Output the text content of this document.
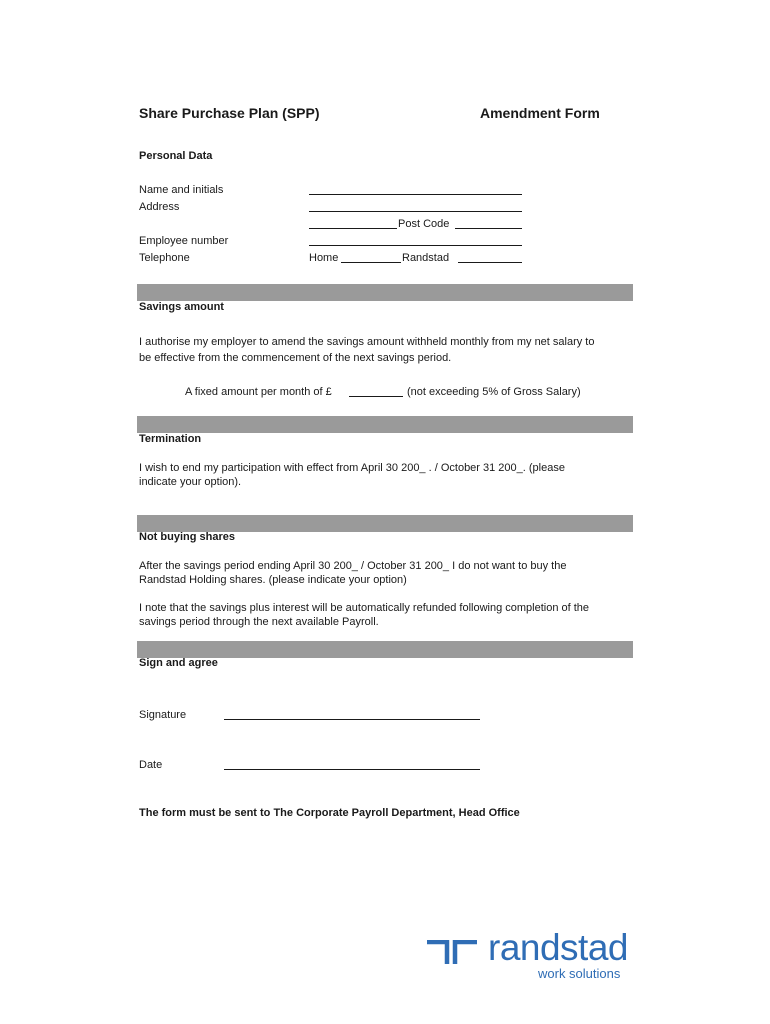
Share Purchase Plan (SPP)	Amendment Form
Personal Data
Name and initials
Address
Post Code
Employee number
Telephone	Home	Randstad
Savings amount
I authorise my employer to amend the savings amount withheld monthly from my net salary to
be effective from the commencement of the next savings period.
A fixed amount per month of £	(not exceeding 5% of Gross Salary)
Termination
I wish to end my participation with effect from April 30 200_ . / October 31 200_. (please
indicate your option).
Not buying shares
After the savings period ending April 30 200_ / October 31 200_ I do not want to buy the
Randstad Holding shares. (please indicate your option)
I note that the savings plus interest will be automatically refunded following completion of the
savings period through the next available Payroll.
Sign and agree
Signature
Date
The form must be sent to The Corporate Payroll Department, Head Office
randstad
work solutions
